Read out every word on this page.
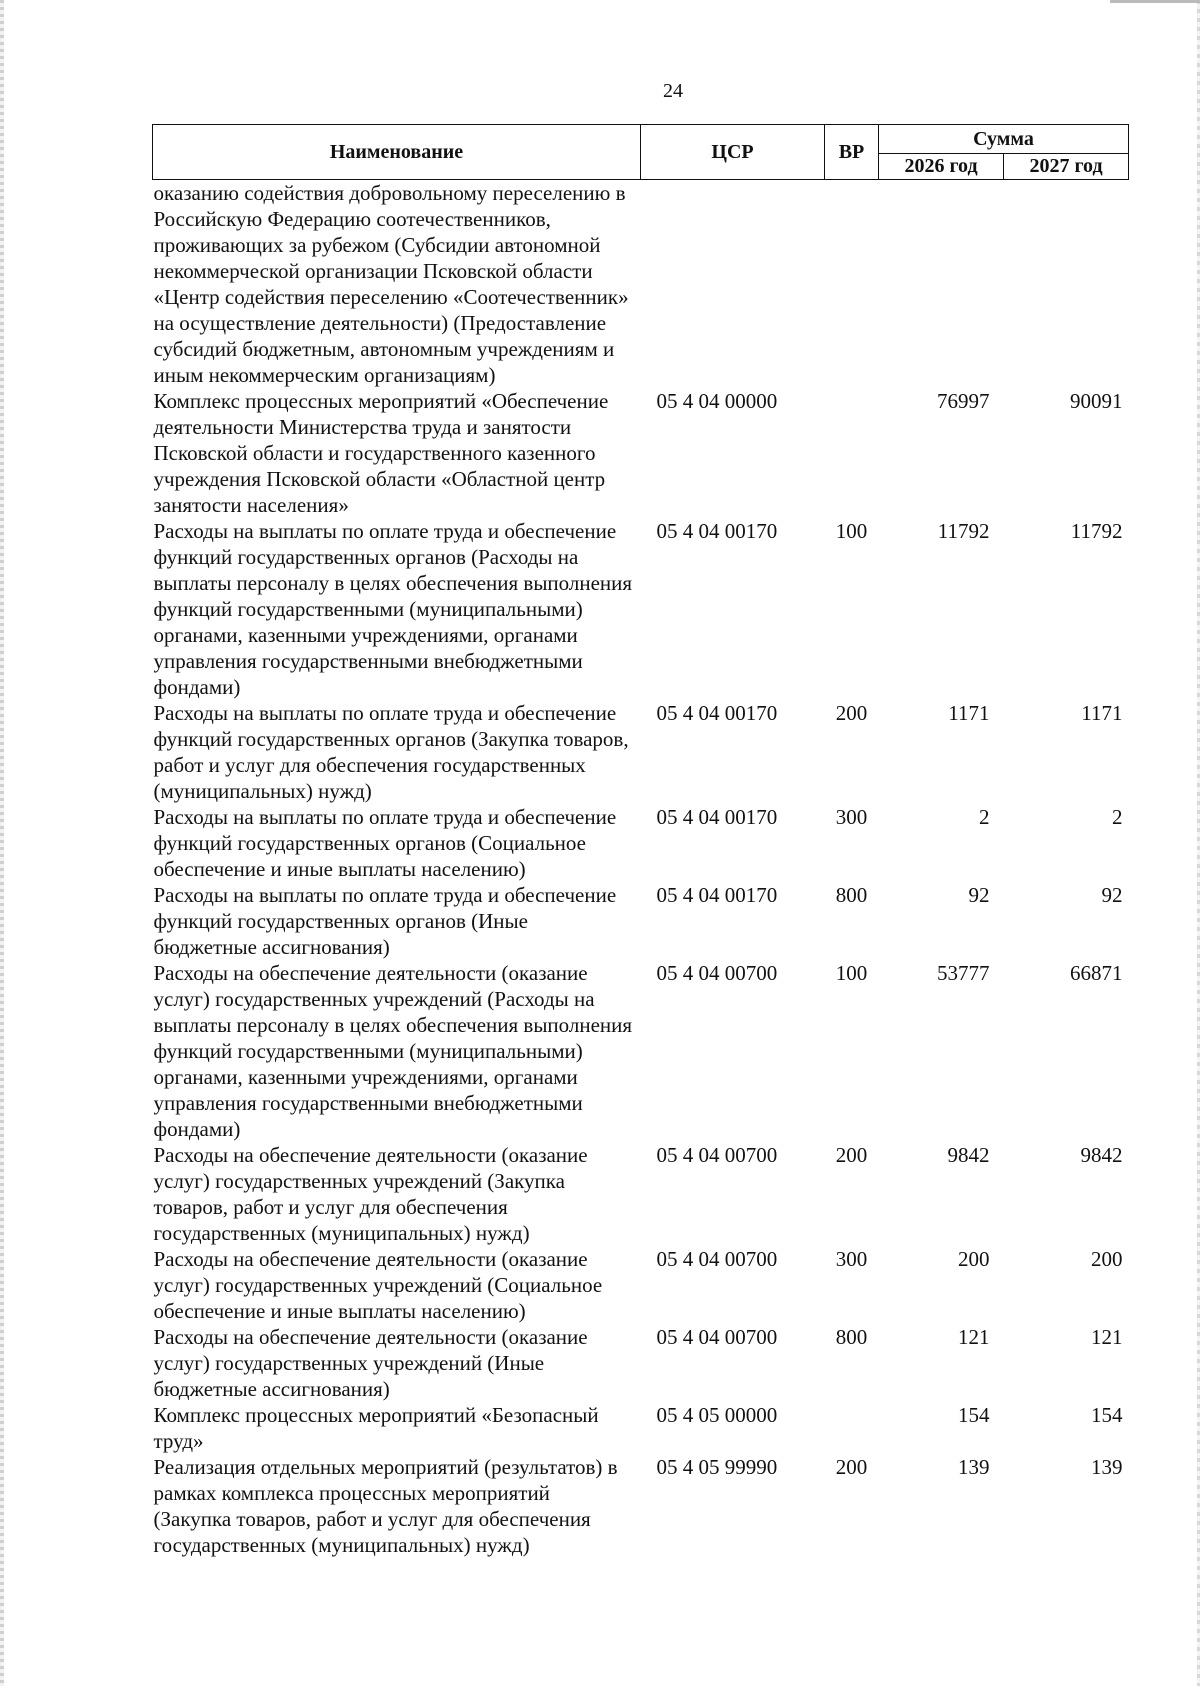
24
Наименование	ЦСР	ВР	Сумма	
			2026 год	2027 год
оказанию содействия добровольному переселению в Российскую Федерацию соотечественников, проживающих за рубежом (Субсидии автономной некоммерческой организации Псковской области «Центр содействия переселению «Соотечественник» на осуществление деятельности) (Предоставление субсидий бюджетным, автономным учреждениям и иным некоммерческим организациям)				
Комплекс процессных мероприятий «Обеспечение деятельности Министерства труда и занятости Псковской области и государственного казенного учреждения Псковской области «Областной центр занятости населения»	05 4 04 00000		76997	90091
Расходы на выплаты по оплате труда и обеспечение функций государственных органов (Расходы на выплаты персоналу в целях обеспечения выполнения функций государственными (муниципальными) органами, казенными учреждениями, органами управления государственными внебюджетными фондами)	05 4 04 00170	100	11792	11792
Расходы на выплаты по оплате труда и обеспечение функций государственных органов (Закупка товаров, работ и услуг для обеспечения государственных (муниципальных) нужд)	05 4 04 00170	200	1171	1171
Расходы на выплаты по оплате труда и обеспечение функций государственных органов (Социальное обеспечение и иные выплаты населению)	05 4 04 00170	300	2	2
Расходы на выплаты по оплате труда и обеспечение функций государственных органов (Иные бюджетные ассигнования)	05 4 04 00170	800	92	92
Расходы на обеспечение деятельности (оказание услуг) государственных учреждений (Расходы на выплаты персоналу в целях обеспечения выполнения функций государственными (муниципальными) органами, казенными учреждениями, органами управления государственными внебюджетными фондами)	05 4 04 00700	100	53777	66871
Расходы на обеспечение деятельности (оказание услуг) государственных учреждений (Закупка товаров, работ и услуг для обеспечения государственных (муниципальных) нужд)	05 4 04 00700	200	9842	9842
Расходы на обеспечение деятельности (оказание услуг) государственных учреждений (Социальное обеспечение и иные выплаты населению)	05 4 04 00700	300	200	200
Расходы на обеспечение деятельности (оказание услуг) государственных учреждений (Иные бюджетные ассигнования)	05 4 04 00700	800	121	121
Комплекс процессных мероприятий «Безопасный труд»	05 4 05 00000		154	154
Реализация отдельных мероприятий (результатов) в рамках комплекса процессных мероприятий (Закупка товаров, работ и услуг для обеспечения государственных (муниципальных) нужд)	05 4 05 99990	200	139	139
